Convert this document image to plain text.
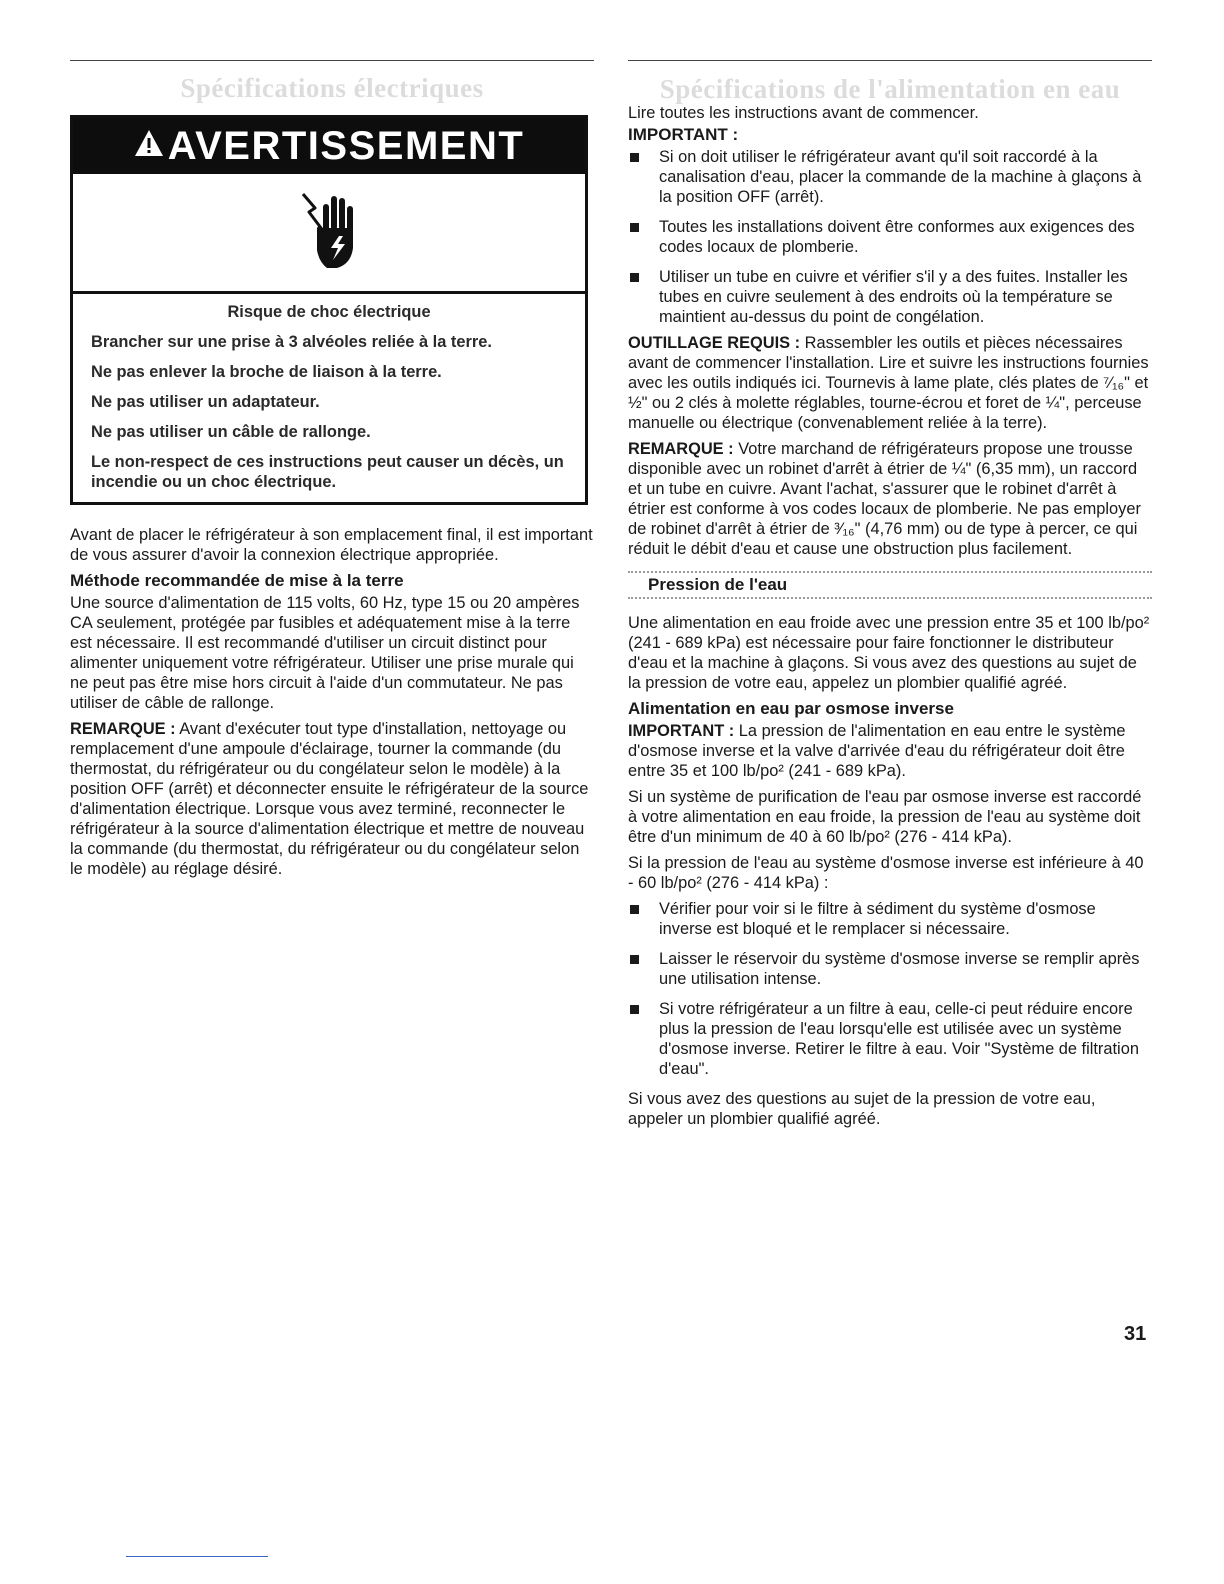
Spécifications électriques
AVERTISSEMENT

Risque de choc électrique

Brancher sur une prise à 3 alvéoles reliée à la terre.

Ne pas enlever la broche de liaison à la terre.

Ne pas utiliser un adaptateur.

Ne pas utiliser un câble de rallonge.

Le non-respect de ces instructions peut causer un décès, un incendie ou un choc électrique.

Avant de placer le réfrigérateur à son emplacement final, il est important de vous assurer d'avoir la connexion électrique appropriée.

Méthode recommandée de mise à la terre

Une source d'alimentation de 115 volts, 60 Hz, type 15 ou 20 ampères CA seulement, protégée par fusibles et adéquatement mise à la terre est nécessaire. Il est recommandé d'utiliser un circuit distinct pour alimenter uniquement votre réfrigérateur. Utiliser une prise murale qui ne peut pas être mise hors circuit à l'aide d'un commutateur. Ne pas utiliser de câble de rallonge.

REMARQUE : Avant d'exécuter tout type d'installation, nettoyage ou remplacement d'une ampoule d'éclairage, tourner la commande (du thermostat, du réfrigérateur ou du congélateur selon le modèle) à la position OFF (arrêt) et déconnecter ensuite le réfrigérateur de la source d'alimentation électrique. Lorsque vous avez terminé, reconnecter le réfrigérateur à la source d'alimentation électrique et mettre de nouveau la commande (du thermostat, du réfrigérateur ou du congélateur selon le modèle) au réglage désiré.

Spécifications de l'alimentation en eau

Lire toutes les instructions avant de commencer.

IMPORTANT :
Si on doit utiliser le réfrigérateur avant qu'il soit raccordé à la canalisation d'eau, placer la commande de la machine à glaçons à la position OFF (arrêt).
Toutes les installations doivent être conformes aux exigences des codes locaux de plomberie.
Utiliser un tube en cuivre et vérifier s'il y a des fuites. Installer les tubes en cuivre seulement à des endroits où la température se maintient au-dessus du point de congélation.

OUTILLAGE REQUIS : Rassembler les outils et pièces nécessaires avant de commencer l'installation. Lire et suivre les instructions fournies avec les outils indiqués ici. Tournevis à lame plate, clés plates de ⁷⁄₁₆" et ½" ou 2 clés à molette réglables, tourne-écrou et foret de ¼", perceuse manuelle ou électrique (convenablement reliée à la terre).

REMARQUE : Votre marchand de réfrigérateurs propose une trousse disponible avec un robinet d'arrêt à étrier de ¼" (6,35 mm), un raccord et un tube en cuivre. Avant l'achat, s'assurer que le robinet d'arrêt à étrier est conforme à vos codes locaux de plomberie. Ne pas employer de robinet d'arrêt à étrier de ³⁄₁₆" (4,76 mm) ou de type à percer, ce qui réduit le débit d'eau et cause une obstruction plus facilement.

Pression de l'eau

Une alimentation en eau froide avec une pression entre 35 et 100 lb/po² (241 - 689 kPa) est nécessaire pour faire fonctionner le distributeur d'eau et la machine à glaçons. Si vous avez des questions au sujet de la pression de votre eau, appelez un plombier qualifié agréé.

Alimentation en eau par osmose inverse

IMPORTANT : La pression de l'alimentation en eau entre le système d'osmose inverse et la valve d'arrivée d'eau du réfrigérateur doit être entre 35 et 100 lb/po² (241 - 689 kPa).

Si un système de purification de l'eau par osmose inverse est raccordé à votre alimentation en eau froide, la pression de l'eau au système doit être d'un minimum de 40 à 60 lb/po² (276 - 414 kPa).

Si la pression de l'eau au système d'osmose inverse est inférieure à 40 - 60 lb/po² (276 - 414 kPa) :

Vérifier pour voir si le filtre à sédiment du système d'osmose inverse est bloqué et le remplacer si nécessaire.
Laisser le réservoir du système d'osmose inverse se remplir après une utilisation intense.
Si votre réfrigérateur a un filtre à eau, celle-ci peut réduire encore plus la pression de l'eau lorsqu'elle est utilisée avec un système d'osmose inverse. Retirer le filtre à eau. Voir "Système de filtration d'eau".

Si vous avez des questions au sujet de la pression de votre eau, appeler un plombier qualifié agréé.

31
